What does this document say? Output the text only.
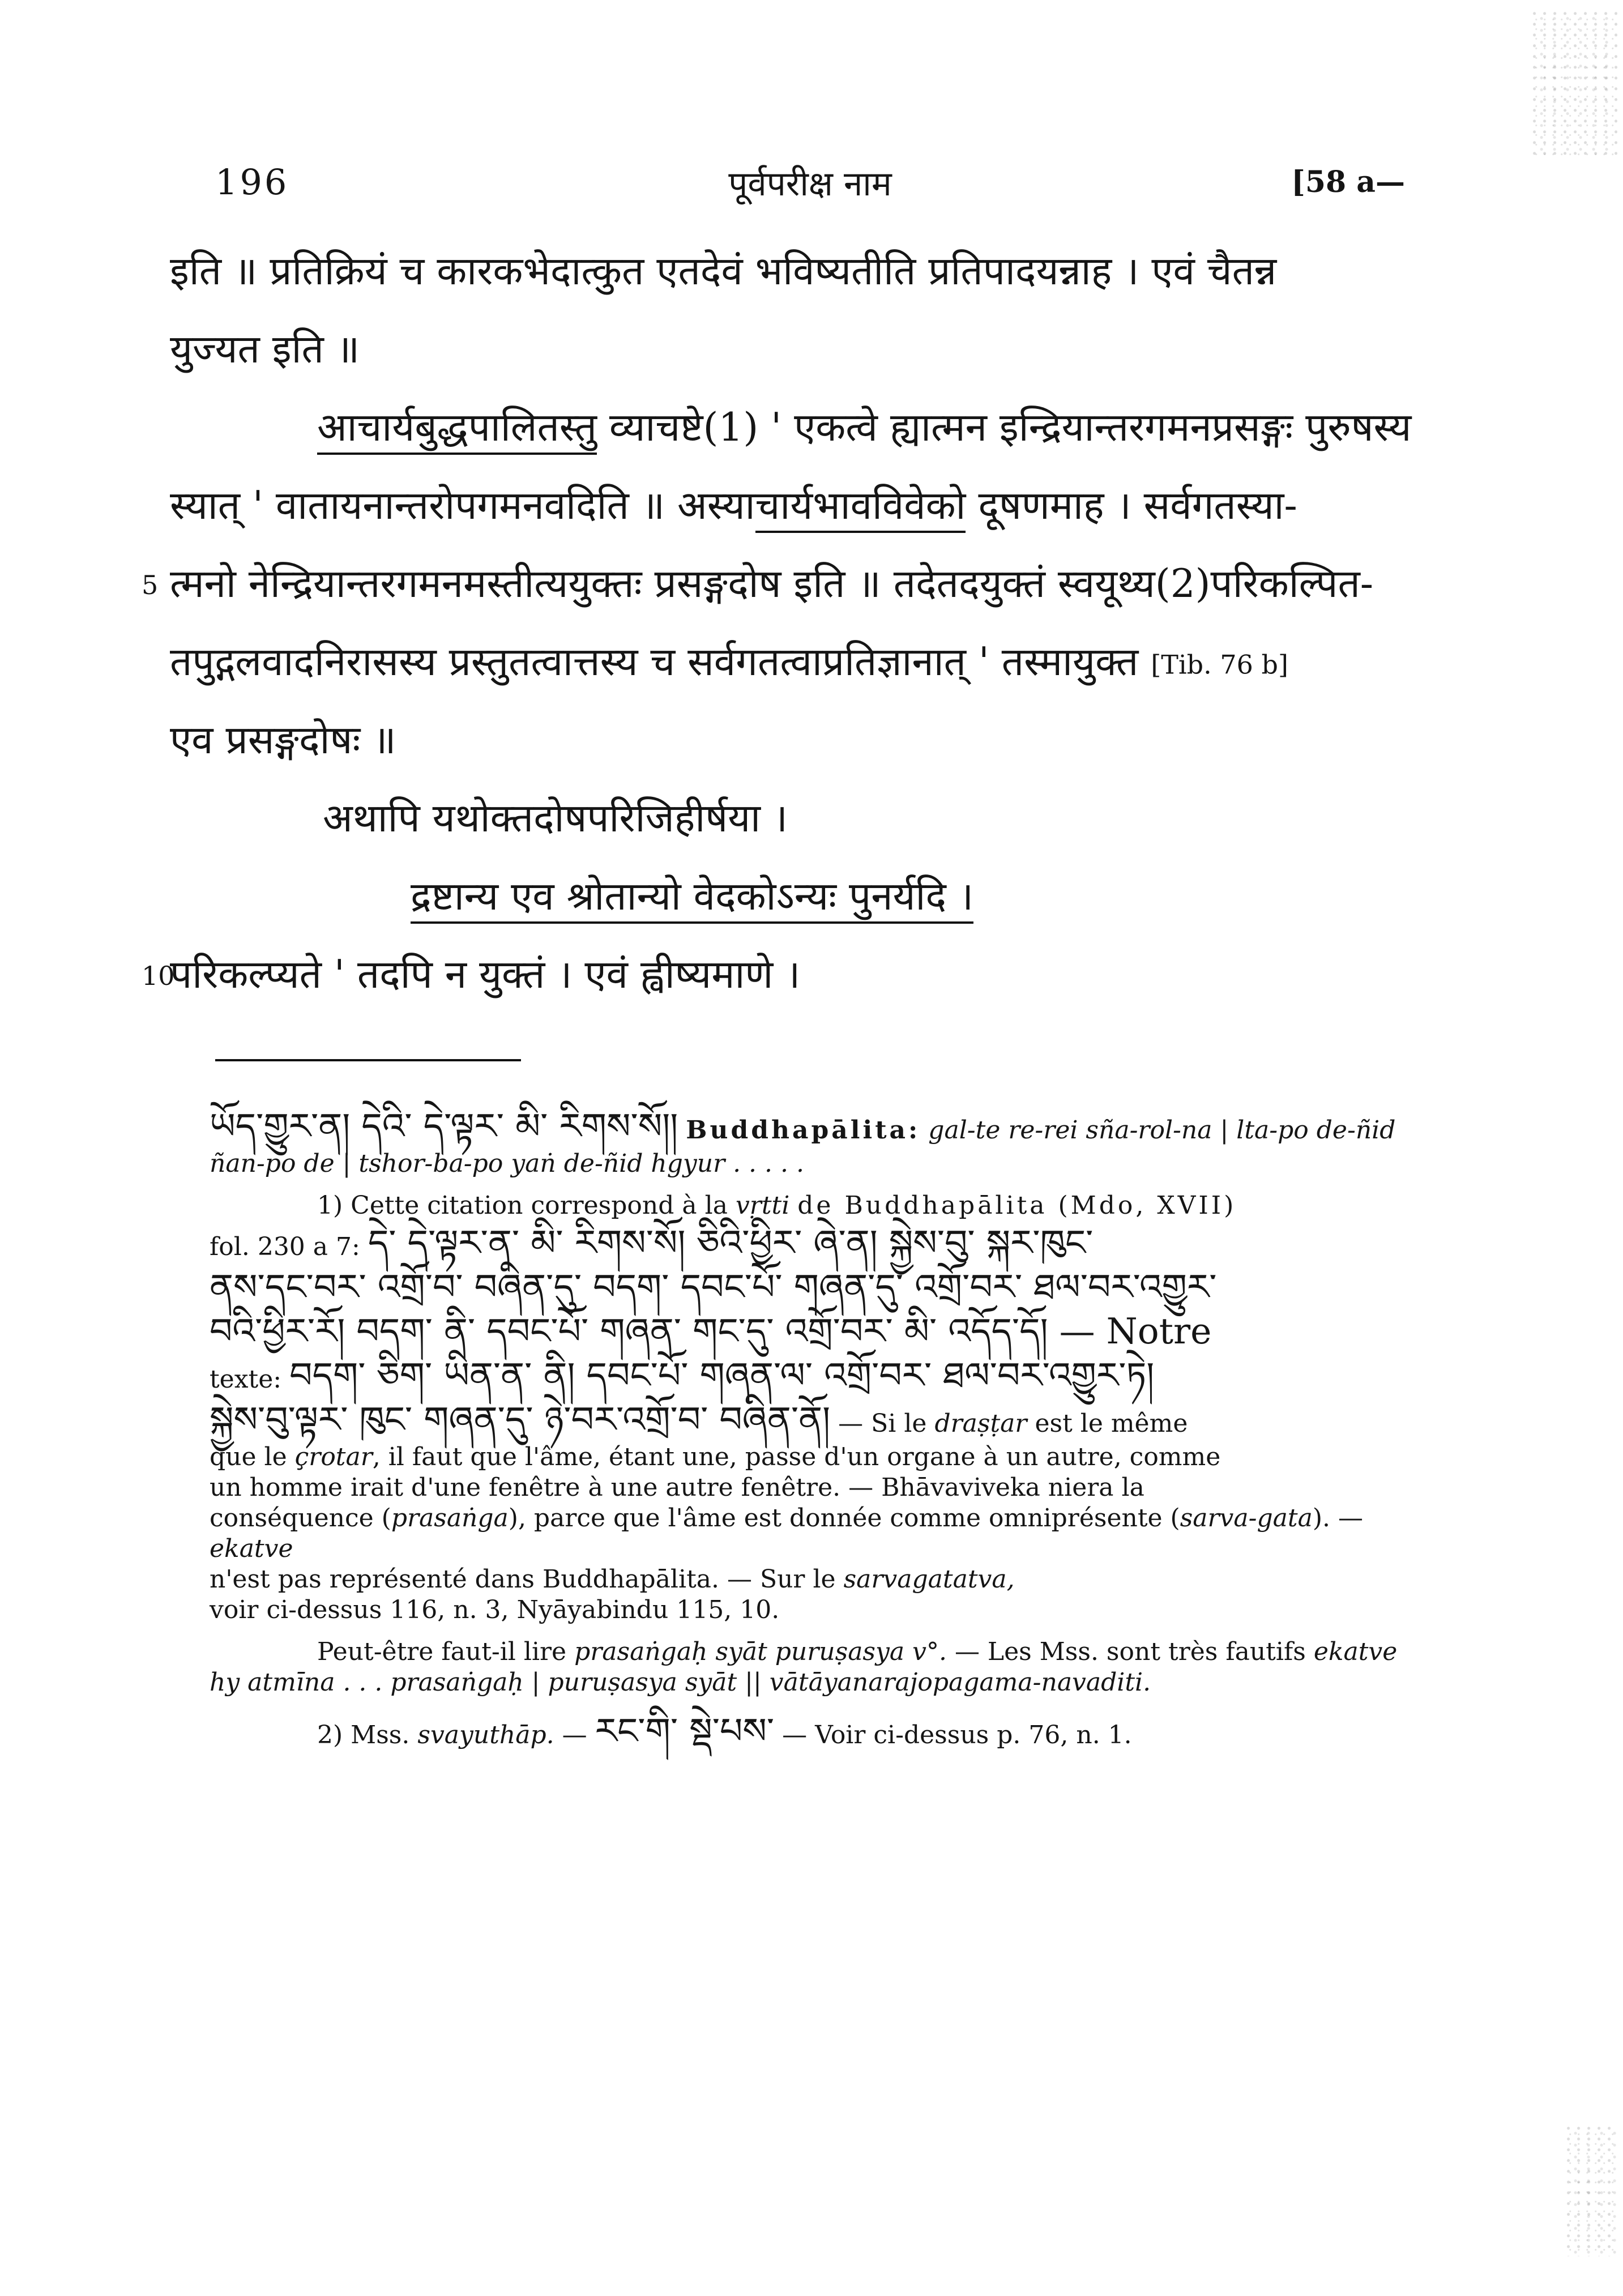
196	पूर्वपरीक्ष नाम	[58 a—
इति ॥ प्रतिक्रियं च कारकभेदात्कुत एतदेवं भविष्यतीति प्रतिपादयन्नाह । एवं चैतन्न
युज्यत इति ॥
आचार्यबुद्धपालितस्तु व्याचष्टे(1) ' एकत्वे ह्यात्मन इन्द्रियान्तरगमनप्रसङ्गः पुरुषस्य
स्यात् ' वातायनान्तरोपगमनवदिति ॥ अस्याचार्यभावविवेको दूषणमाह । सर्वगतस्या-
5 त्मनो नेन्द्रियान्तरगमनमस्तीत्ययुक्तः प्रसङ्गदोष इति ॥ तदेतदयुक्तं स्वयूथ्य(2)परिकल्पित-
तपुद्गलवादनिरासस्य प्रस्तुतत्वात्तस्य च सर्वगतत्वाप्रतिज्ञानात् ' तस्मायुक्त [Tib. 76 b]
एव प्रसङ्गदोषः ॥
अथापि यथोक्तदोषपरिजिहीर्षया ।
द्रष्टान्य एव श्रोतान्यो वेदकोऽन्यः पुनर्यदि ।
10
परिकल्प्यते ' तदपि न युक्तं । एवं ह्वीष्यमाणे ।

ཡོད་གྱུར་ན། དེའི་ དེ་ལྟར་ མི་ རིགས་སོ།། Buddhapālita: gal-te re-rei sña-rol-na | lta-po de-ñid ñan-po de | tshor-ba-po yaṅ de-ñid hgyur . . . . .

1) Cette citation correspond à la vṛtti de Buddhapālita (Mdo, XVII)

fol. 230 a 7: དེ་ དེ་ལྟར་ན་ མི་ རིགས་སོ། ཅིའི་ཕྱིར་ ཞེ་ན། སྐྱེས་བུ་ སྐར་ཁུང་

ནས་དང་བར་ འགྲོ་བ་ བཞིན་དུ་ བདག་ དབང་པོ་ གཞན་དུ་ འགྲོ་བར་ ཐལ་བར་འགྱུར་

བའི་ཕྱིར་རོ། བདག་ ནི་ དབང་པོ་ གཞན་ གང་དུ་ འགྲོ་བར་ མི་ འདོད་དོ། — Notre

texte: བདག་ ཅིག་ ཡིན་ན་ ནི། དབང་པོ་ གཞན་ལ་ འགྲོ་བར་ ཐལ་བར་འགྱུར་ཏེ།

སྐྱེས་བུ་ལྟར་ ཁུང་ གཞན་དུ་ ཉེ་བར་འགྲོ་བ་ བཞིན་ནོ། — Si le draṣṭar est le même

que le çrotar, il faut que l'âme, étant une, passe d'un organe à un autre, comme

un homme irait d'une fenêtre à une autre fenêtre. — Bhāvaviveka niera la

conséquence (prasaṅga), parce que l'âme est donnée comme omniprésente (sarva-gata). — ekatve

n'est pas représenté dans Buddhapālita. — Sur le sarvagatatva,

voir ci-dessus 116, n. 3, Nyāyabindu 115, 10.

Peut-être faut-il lire prasaṅgaḥ syāt puruṣasya v°. — Les Mss. sont très fautifs ekatve hy atmīna . . . prasaṅgaḥ | puruṣasya syāt || vātāyanarajopagama-navaditi.

2) Mss. svayuthāp. — རང་གི་ སྡེ་པས་ — Voir ci-dessus p. 76, n. 1.
